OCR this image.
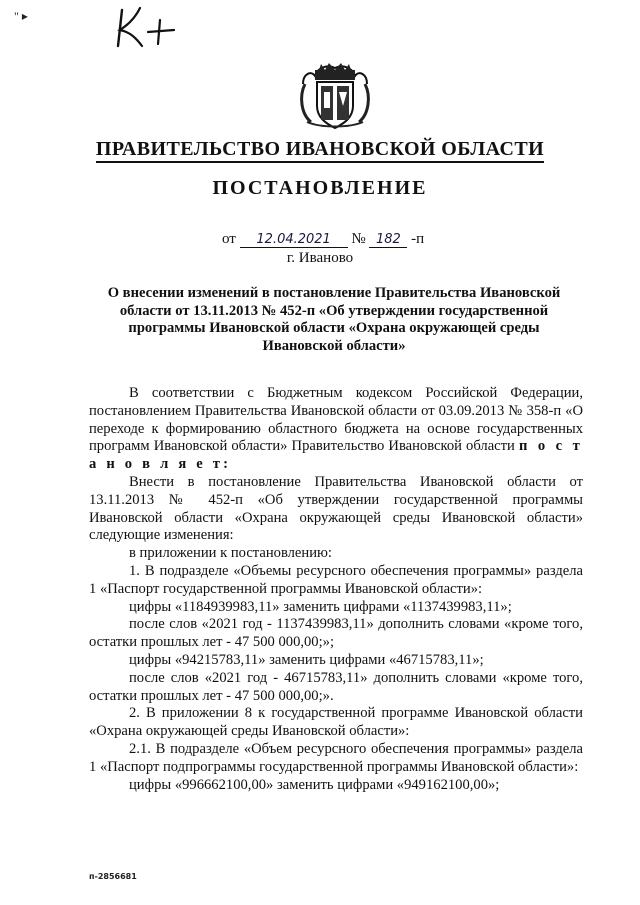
" ▸
ПРАВИТЕЛЬСТВО ИВАНОВСКОЙ ОБЛАСТИ
ПОСТАНОВЛЕНИЕ
от 12.04.2021 № 182 -п
г. Иваново
О внесении изменений в постановление Правительства Ивановской области от 13.11.2013 № 452-п «Об утверждении государственной программы Ивановской области «Охрана окружающей среды Ивановской области»

В соответствии с Бюджетным кодексом Российской Федерации, постановлением Правительства Ивановской области от 03.09.2013 № 358-п «О переходе к формированию областного бюджета на основе государственных программ Ивановской области» Правительство Ивановской области п о с т а н о в л я е т:

Внести в постановление Правительства Ивановской области от 13.11.2013 № 452-п «Об утверждении государственной программы Ивановской области «Охрана окружающей среды Ивановской области» следующие изменения:

в приложении к постановлению:

1. В подразделе «Объемы ресурсного обеспечения программы» раздела 1 «Паспорт государственной программы Ивановской области»:

цифры «1184939983,11» заменить цифрами «1137439983,11»;

после слов «2021 год - 1137439983,11» дополнить словами «кроме того, остатки прошлых лет - 47 500 000,00;»;

цифры «94215783,11» заменить цифрами «46715783,11»;

после слов «2021 год - 46715783,11» дополнить словами «кроме того, остатки прошлых лет - 47 500 000,00;».

2. В приложении 8 к государственной программе Ивановской области «Охрана окружающей среды Ивановской области»:

2.1. В подразделе «Объем ресурсного обеспечения программы» раздела 1 «Паспорт подпрограммы государственной программы Ивановской области»:

цифры «996662100,00» заменить цифрами «949162100,00»;

п-2856681
